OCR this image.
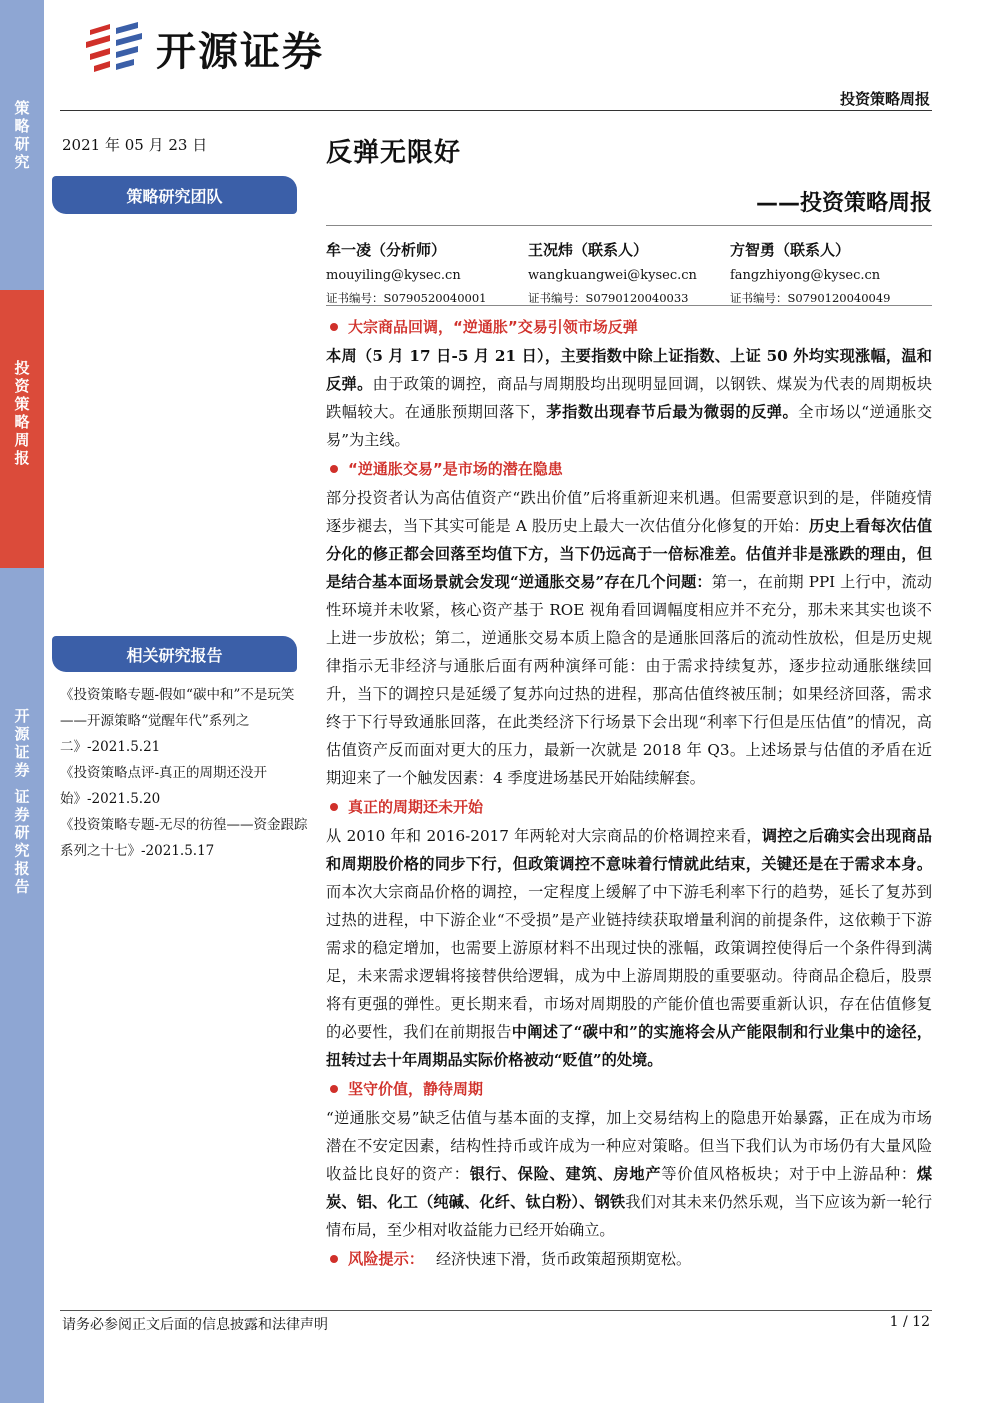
策略研究
投资策略周报
开源证券 证券研究报告
开源证券
投资策略周报
2021 年 05 月 23 日
策略研究团队
相关研究报告
《投资策略专题-假如“碳中和”不是玩笑——开源策略“觉醒年代”系列之二》-2021.5.21
《投资策略点评-真正的周期还没开始》-2021.5.20
《投资策略专题-无尽的彷徨——资金跟踪系列之十七》-2021.5.17
反弹无限好
——投资策略周报
牟一凌（分析师）
mouyiling@kysec.cn
证书编号：S0790520040001
王况炜（联系人）
wangkuangwei@kysec.cn
证书编号：S0790120040033
方智勇（联系人）
fangzhiyong@kysec.cn
证书编号：S0790120040049
大宗商品回调，“逆通胀”交易引领市场反弹

本周（5 月 17 日-5 月 21 日），主要指数中除上证指数、上证 50 外均实现涨幅，温和反弹。由于政策的调控，商品与周期股均出现明显回调，以钢铁、煤炭为代表的周期板块跌幅较大。在通胀预期回落下，茅指数出现春节后最为微弱的反弹。全市场以“逆通胀交易”为主线。

“逆通胀交易”是市场的潜在隐患

部分投资者认为高估值资产“跌出价值”后将重新迎来机遇。但需要意识到的是，伴随疫情逐步褪去，当下其实可能是 A 股历史上最大一次估值分化修复的开始：历史上看每次估值分化的修正都会回落至均值下方，当下仍远高于一倍标准差。估值并非是涨跌的理由，但是结合基本面场景就会发现“逆通胀交易”存在几个问题：第一，在前期 PPI 上行中，流动性环境并未收紧，核心资产基于 ROE 视角看回调幅度相应并不充分，那未来其实也谈不上进一步放松；第二，逆通胀交易本质上隐含的是通胀回落后的流动性放松，但是历史规律指示无非经济与通胀后面有两种演绎可能：由于需求持续复苏，逐步拉动通胀继续回升，当下的调控只是延缓了复苏向过热的进程，那高估值终被压制；如果经济回落，需求终于下行导致通胀回落，在此类经济下行场景下会出现“利率下行但是压估值”的情况，高估值资产反而面对更大的压力，最新一次就是 2018 年 Q3。上述场景与估值的矛盾在近期迎来了一个触发因素：4 季度进场基民开始陆续解套。

真正的周期还未开始

从 2010 年和 2016-2017 年两轮对大宗商品的价格调控来看，调控之后确实会出现商品和周期股价格的同步下行，但政策调控不意味着行情就此结束，关键还是在于需求本身。而本次大宗商品价格的调控，一定程度上缓解了中下游毛利率下行的趋势，延长了复苏到过热的进程，中下游企业“不受损”是产业链持续获取增量利润的前提条件，这依赖于下游需求的稳定增加，也需要上游原材料不出现过快的涨幅，政策调控使得后一个条件得到满足，未来需求逻辑将接替供给逻辑，成为中上游周期股的重要驱动。待商品企稳后，股票将有更强的弹性。更长期来看，市场对周期股的产能价值也需要重新认识，存在估值修复的必要性，我们在前期报告中阐述了“碳中和”的实施将会从产能限制和行业集中的途径，扭转过去十年周期品实际价格被动“贬值”的处境。

坚守价值，静待周期

“逆通胀交易”缺乏估值与基本面的支撑，加上交易结构上的隐患开始暴露，正在成为市场潜在不安定因素，结构性持币或许成为一种应对策略。但当下我们认为市场仍有大量风险收益比良好的资产：银行、保险、建筑、房地产等价值风格板块；对于中上游品种：煤炭、铝、化工（纯碱、化纤、钛白粉）、钢铁我们对其未来仍然乐观，当下应该为新一轮行情布局，至少相对收益能力已经开始确立。

风险提示： 经济快速下滑，货币政策超预期宽松。
请务必参阅正文后面的信息披露和法律声明	1 / 12
